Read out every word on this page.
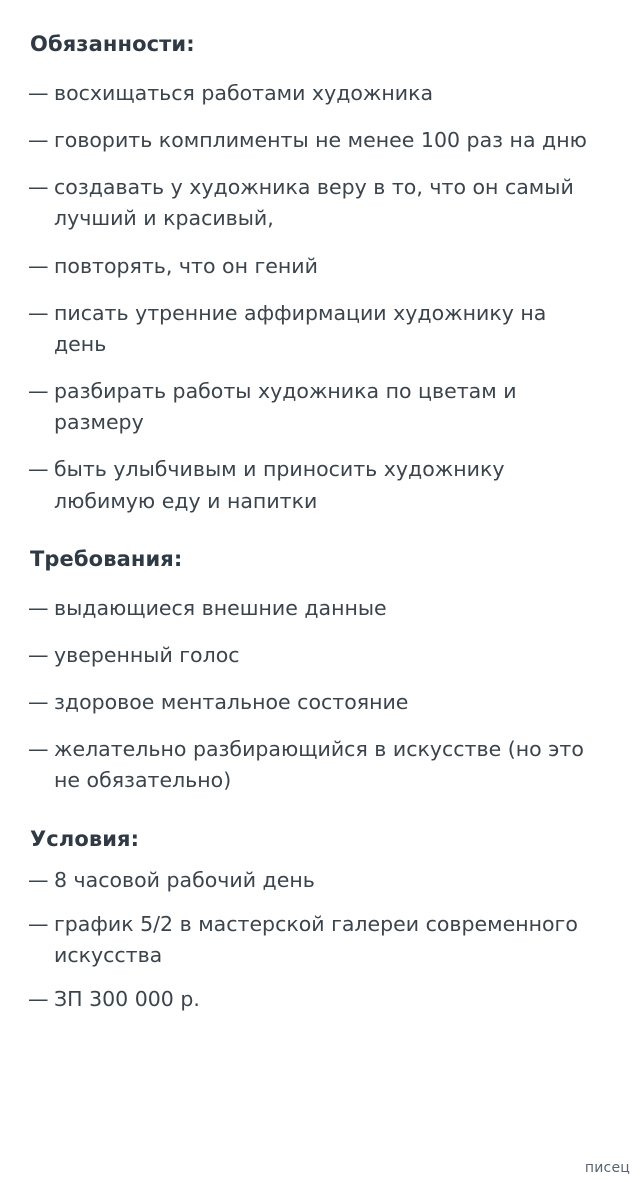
Обязанности:
— восхищаться работами художника
— говорить комплименты не менее 100 раз на дню
— создавать у художника веру в то, что он самый лучший и красивый,
— повторять, что он гений
— писать утренние аффирмации художнику на день
— разбирать работы художника по цветам и размеру
— быть улыбчивым и приносить художнику любимую еду и напитки
Требования:
— выдающиеся внешние данные
— уверенный голос
— здоровое ментальное состояние
— желательно разбирающийся в искусстве (но это не обязательно)
Условия:
— 8 часовой рабочий день
— график 5/2 в мастерской галереи современного искусства
— ЗП 300 000 р.
писец
